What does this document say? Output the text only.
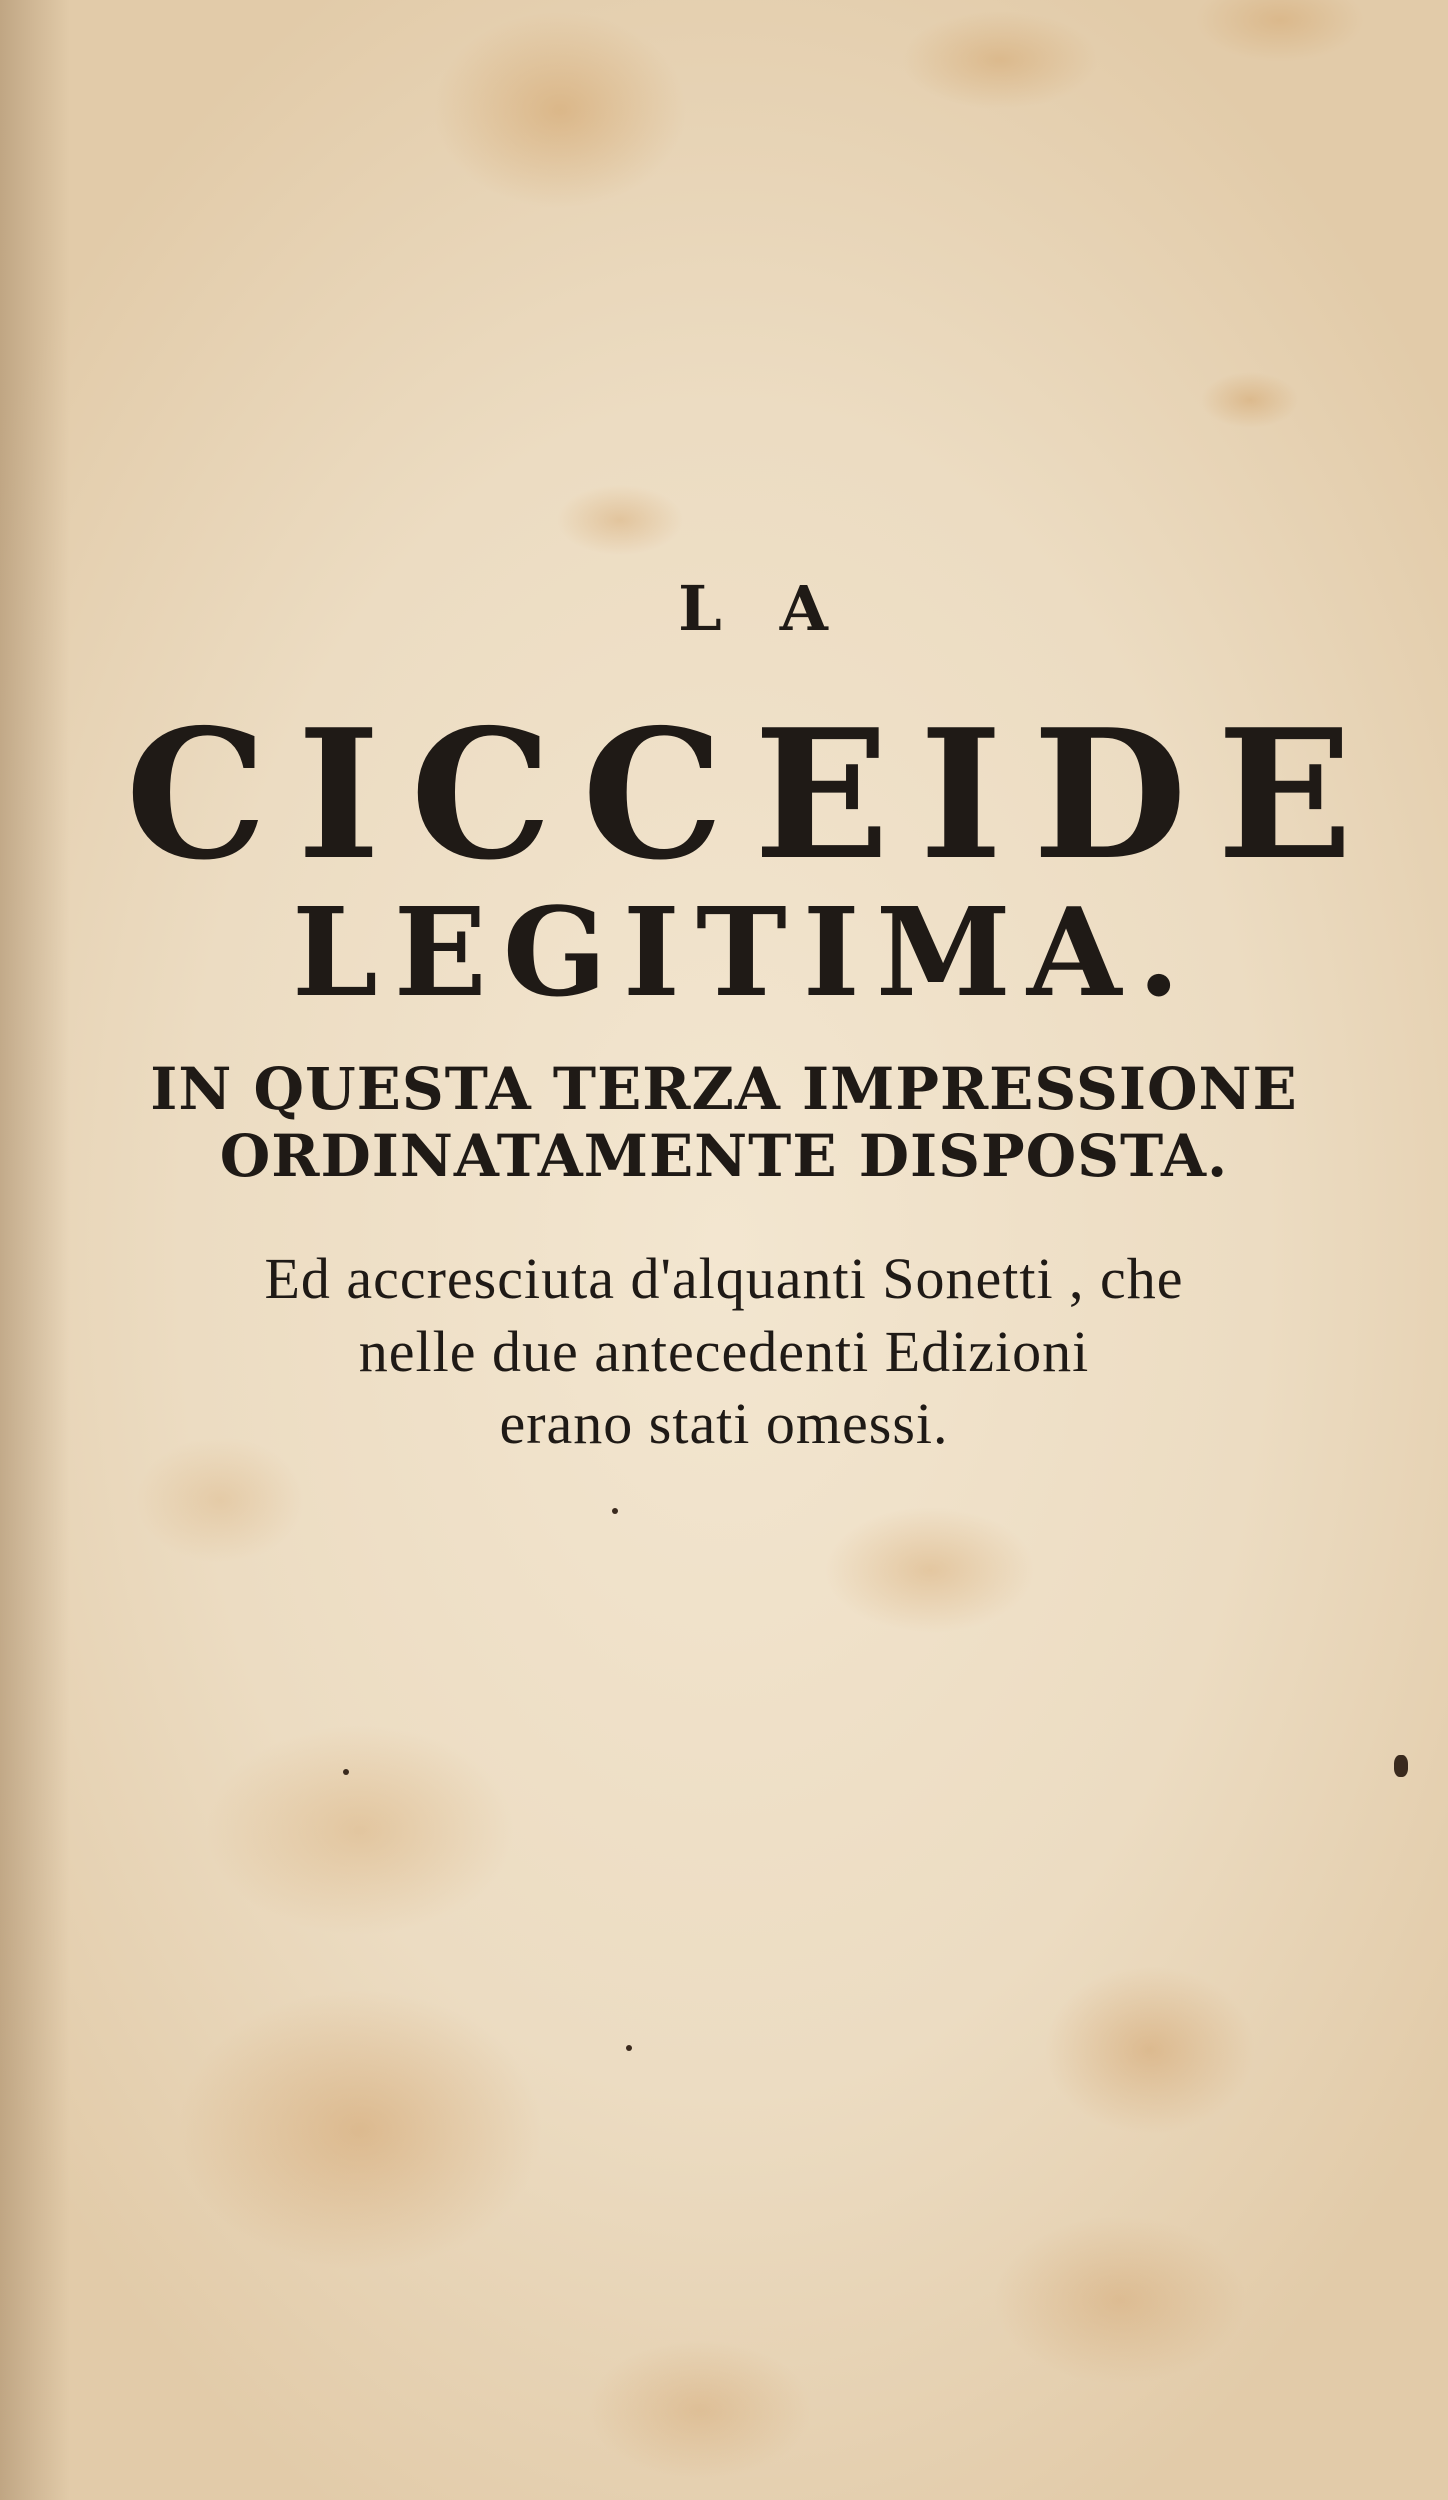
LA

CICCEIDE

LEGITIMA.

IN QUESTA TERZA IMPRESSIONE

ORDINATAMENTE DISPOSTA.

Ed accresciuta d'alquanti Sonetti , che

nelle due antecedenti Edizioni

erano stati omessi.
